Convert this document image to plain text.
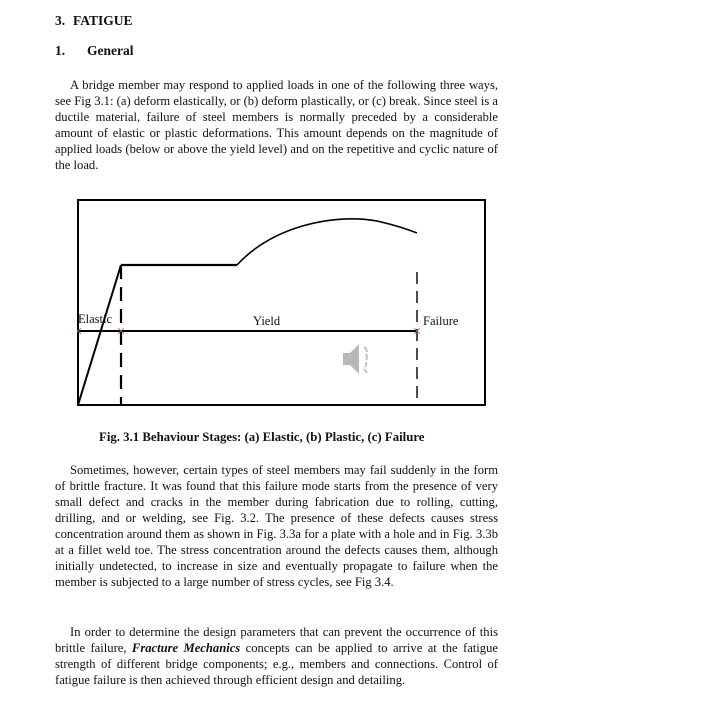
3. FATIGUE
1. General

A bridge member may respond to applied loads in one of the following three ways, see Fig 3.1: (a) deform elastically, or (b) deform plastically, or (c) break. Since steel is a ductile material, failure of steel members is normally preceded by a considerable amount of elastic or plastic deformations. This amount depends on the magnitude of applied loads (below or above the yield level) and on the repetitive and cyclic nature of the load.

Elastic	Yield	Failure
Fig. 3.1 Behaviour Stages: (a) Elastic, (b) Plastic, (c) Failure

Sometimes, however, certain types of steel members may fail suddenly in the form of brittle fracture. It was found that this failure mode starts from the presence of very small defect and cracks in the member during fabrication due to rolling, cutting, drilling, and or welding, see Fig. 3.2. The presence of these defects causes stress concentration around them as shown in Fig. 3.3a for a plate with a hole and in Fig. 3.3b at a fillet weld toe. The stress concentration around the defects causes them, although initially undetected, to increase in size and eventually propagate to failure when the member is subjected to a large number of stress cycles, see Fig 3.4.

In order to determine the design parameters that can prevent the occurrence of this brittle failure, Fracture Mechanics concepts can be applied to arrive at the fatigue strength of different bridge components; e.g., members and connections. Control of fatigue failure is then achieved through efficient design and detailing.
